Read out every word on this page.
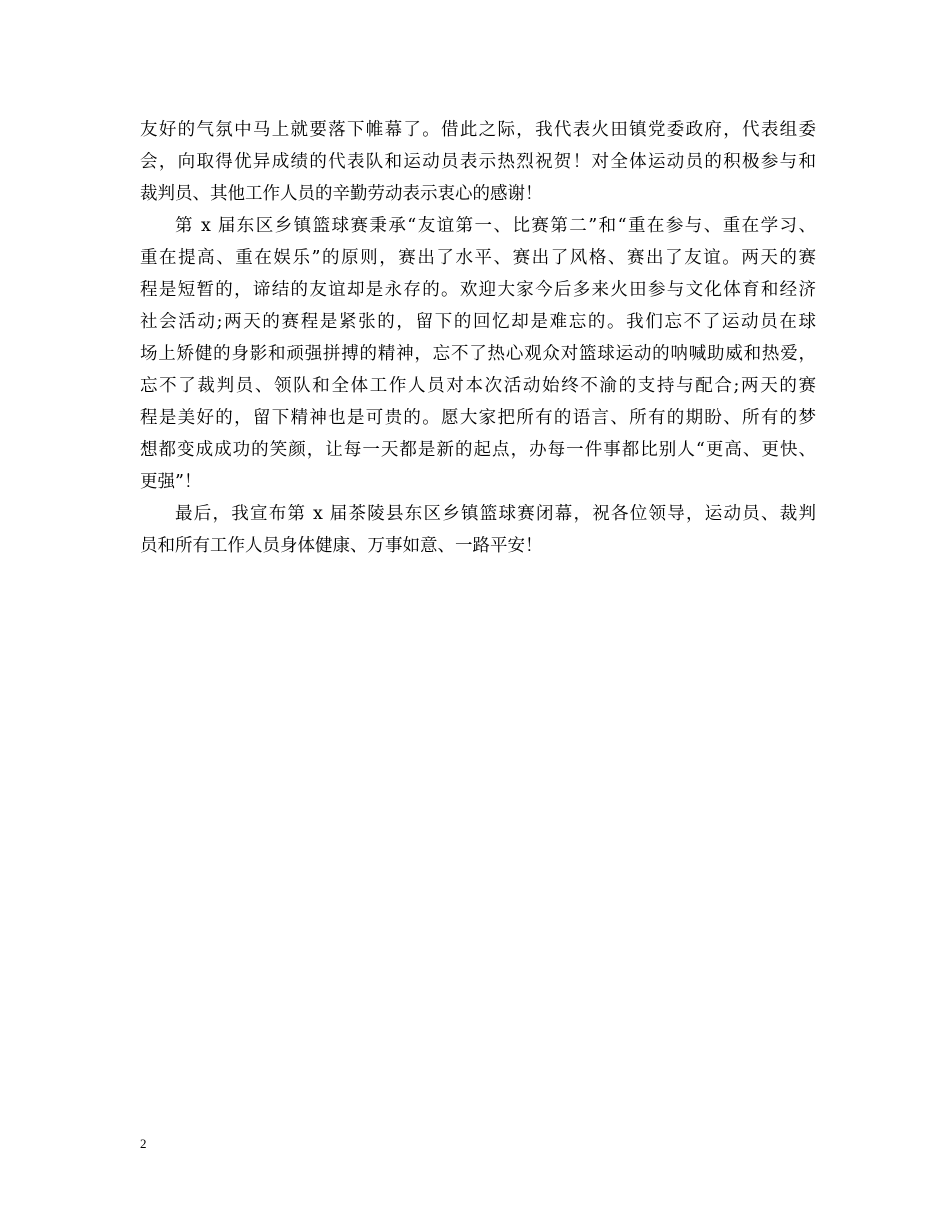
友好的气氛中马上就要落下帷幕了。借此之际，我代表火田镇党委政府，代表组委
会，向取得优异成绩的代表队和运动员表示热烈祝贺！对全体运动员的积极参与和
裁判员、其他工作人员的辛勤劳动表示衷心的感谢！
第 x 届东区乡镇篮球赛秉承“友谊第一、比赛第二”和“重在参与、重在学习、
重在提高、重在娱乐”的原则，赛出了水平、赛出了风格、赛出了友谊。两天的赛
程是短暂的，谛结的友谊却是永存的。欢迎大家今后多来火田参与文化体育和经济
社会活动;两天的赛程是紧张的，留下的回忆却是难忘的。我们忘不了运动员在球
场上矫健的身影和顽强拼搏的精神，忘不了热心观众对篮球运动的呐喊助威和热爱，
忘不了裁判员、领队和全体工作人员对本次活动始终不渝的支持与配合;两天的赛
程是美好的，留下精神也是可贵的。愿大家把所有的语言、所有的期盼、所有的梦
想都变成成功的笑颜，让每一天都是新的起点，办每一件事都比别人“更高、更快、
更强”！
最后，我宣布第 x 届茶陵县东区乡镇篮球赛闭幕，祝各位领导，运动员、裁判
员和所有工作人员身体健康、万事如意、一路平安！
2
